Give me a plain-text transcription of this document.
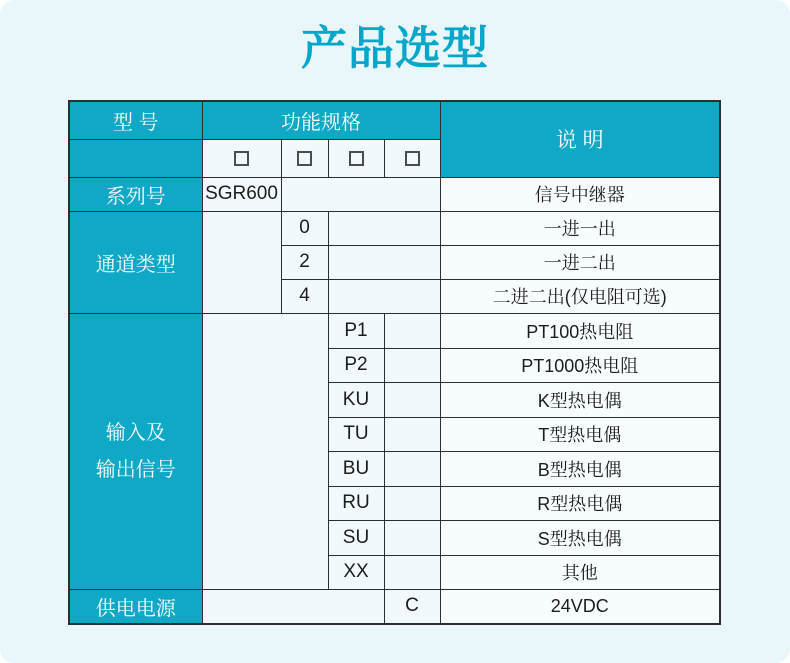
产品选型
型 号	功能规格				说 明

系列号	SGR600				信号中继器
通道类型		0			一进一出
		2			一进二出
		4			二进二出(仅电阻可选)

输入及
输出信号			P1		PT100热电阻
			P2		PT1000热电阻
			KU		K型热电偶
			TU		T型热电偶
			BU		B型热电偶
			RU		R型热电偶
			SU		S型热电偶
			XX		其他
供电电源				C	24VDC
